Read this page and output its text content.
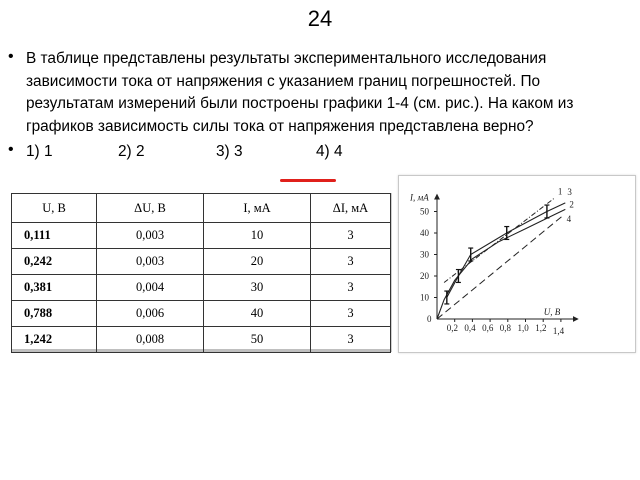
24
• В таблице представлены результаты экспериментального исследования зависимости тока от напряжения с указанием границ погрешностей. По результатам измерений были построены графики 1-4 (см. рис.). На каком из графиков зависимость силы тока от напряжения представлена верно?
• 1) 1	2) 2	3) 3	4) 4
U, В	ΔU, В	I, мА	ΔI, мА
0,111	0,003	10	3
0,242	0,003	20	3
0,381	0,004	30	3
0,788	0,006	40	3
1,242	0,008	50	3
I, мА
U, В
0
0,2 0,4 0,6 0,8 1,0 1,2 1,4
10
20
30
40
50
1
2
3
4
